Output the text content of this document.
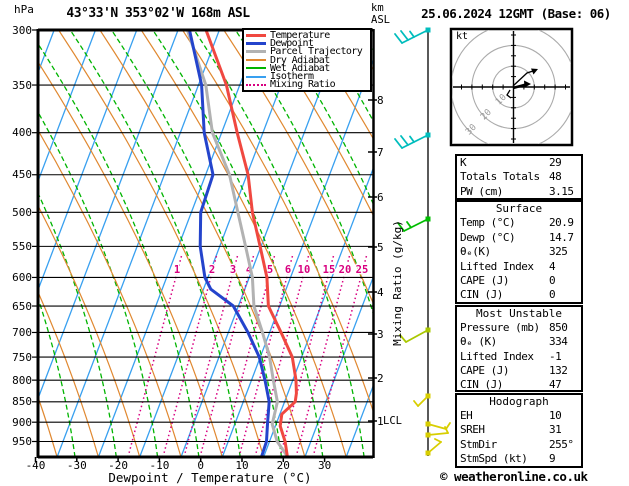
1	2 3 4 5 6 10 15 20 25
hPa	43°33'N 353°02'W 168m ASL	km
ASL	25.06.2024 12GMT (Base: 06)
Temperature
Dewpoint
Parcel Trajectory
Dry Adiabat
Wet Adiabat
Isotherm
Mixing Ratio
300
350
400
450
500
550
600
650
700
750
800
850
900
950
-40	-30	-20	-10	0	10	20	30
Dewpoint / Temperature (°C)
Mixing Ratio (g/kg)
1
2
3
4
5
6
7
8
LCL
kt
10
20
30
K	29
Totals Totals 48
PW (cm)	3.15
Surface
Temp (°C)	20.9
Dewp (°C)	14.7
θₑ(K)	325
Lifted Index 4
CAPE (J)	0
CIN (J)	0
Most Unstable
Pressure (mb) 850
θₑ (K)	334
Lifted Index -1
CAPE (J)	132
CIN (J)	47
Hodograph
EH	10
SREH	31
StmDir	255°
StmSpd (kt) 9
© weatheronline.co.uk
